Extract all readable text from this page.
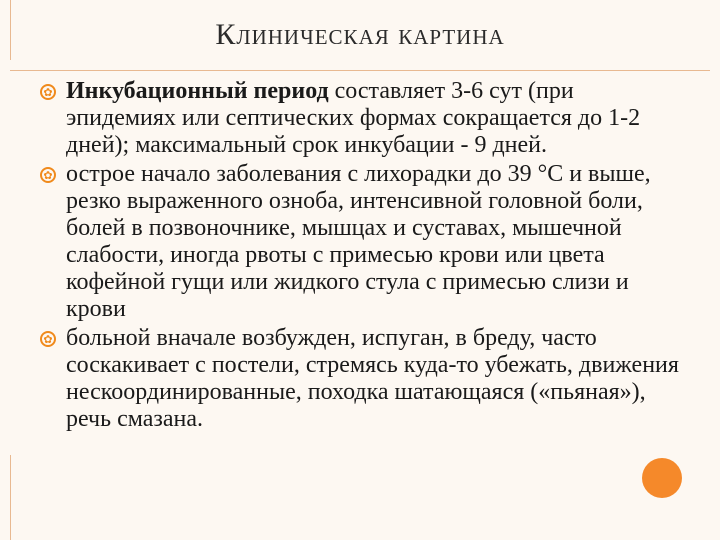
Клиническая картина
✿ Инкубационный период составляет 3-6 сут (при эпидемиях или септических формах сокращается до 1-2 дней); максимальный срок инкубации - 9 дней.
✿ острое начало заболевания с лихорадки до 39 °С и выше, резко выраженного озноба, интенсивной головной боли, болей в позвоночнике, мышцах и суставах, мышечной слабости, иногда рвоты с примесью крови или цвета кофейной гущи или жидкого стула с примесью слизи и крови
✿ больной вначале возбужден, испуган, в бреду, часто соскакивает с постели, стремясь куда-то убежать, движения нескоординированные, походка шатающаяся («пьяная»), речь смазана.
